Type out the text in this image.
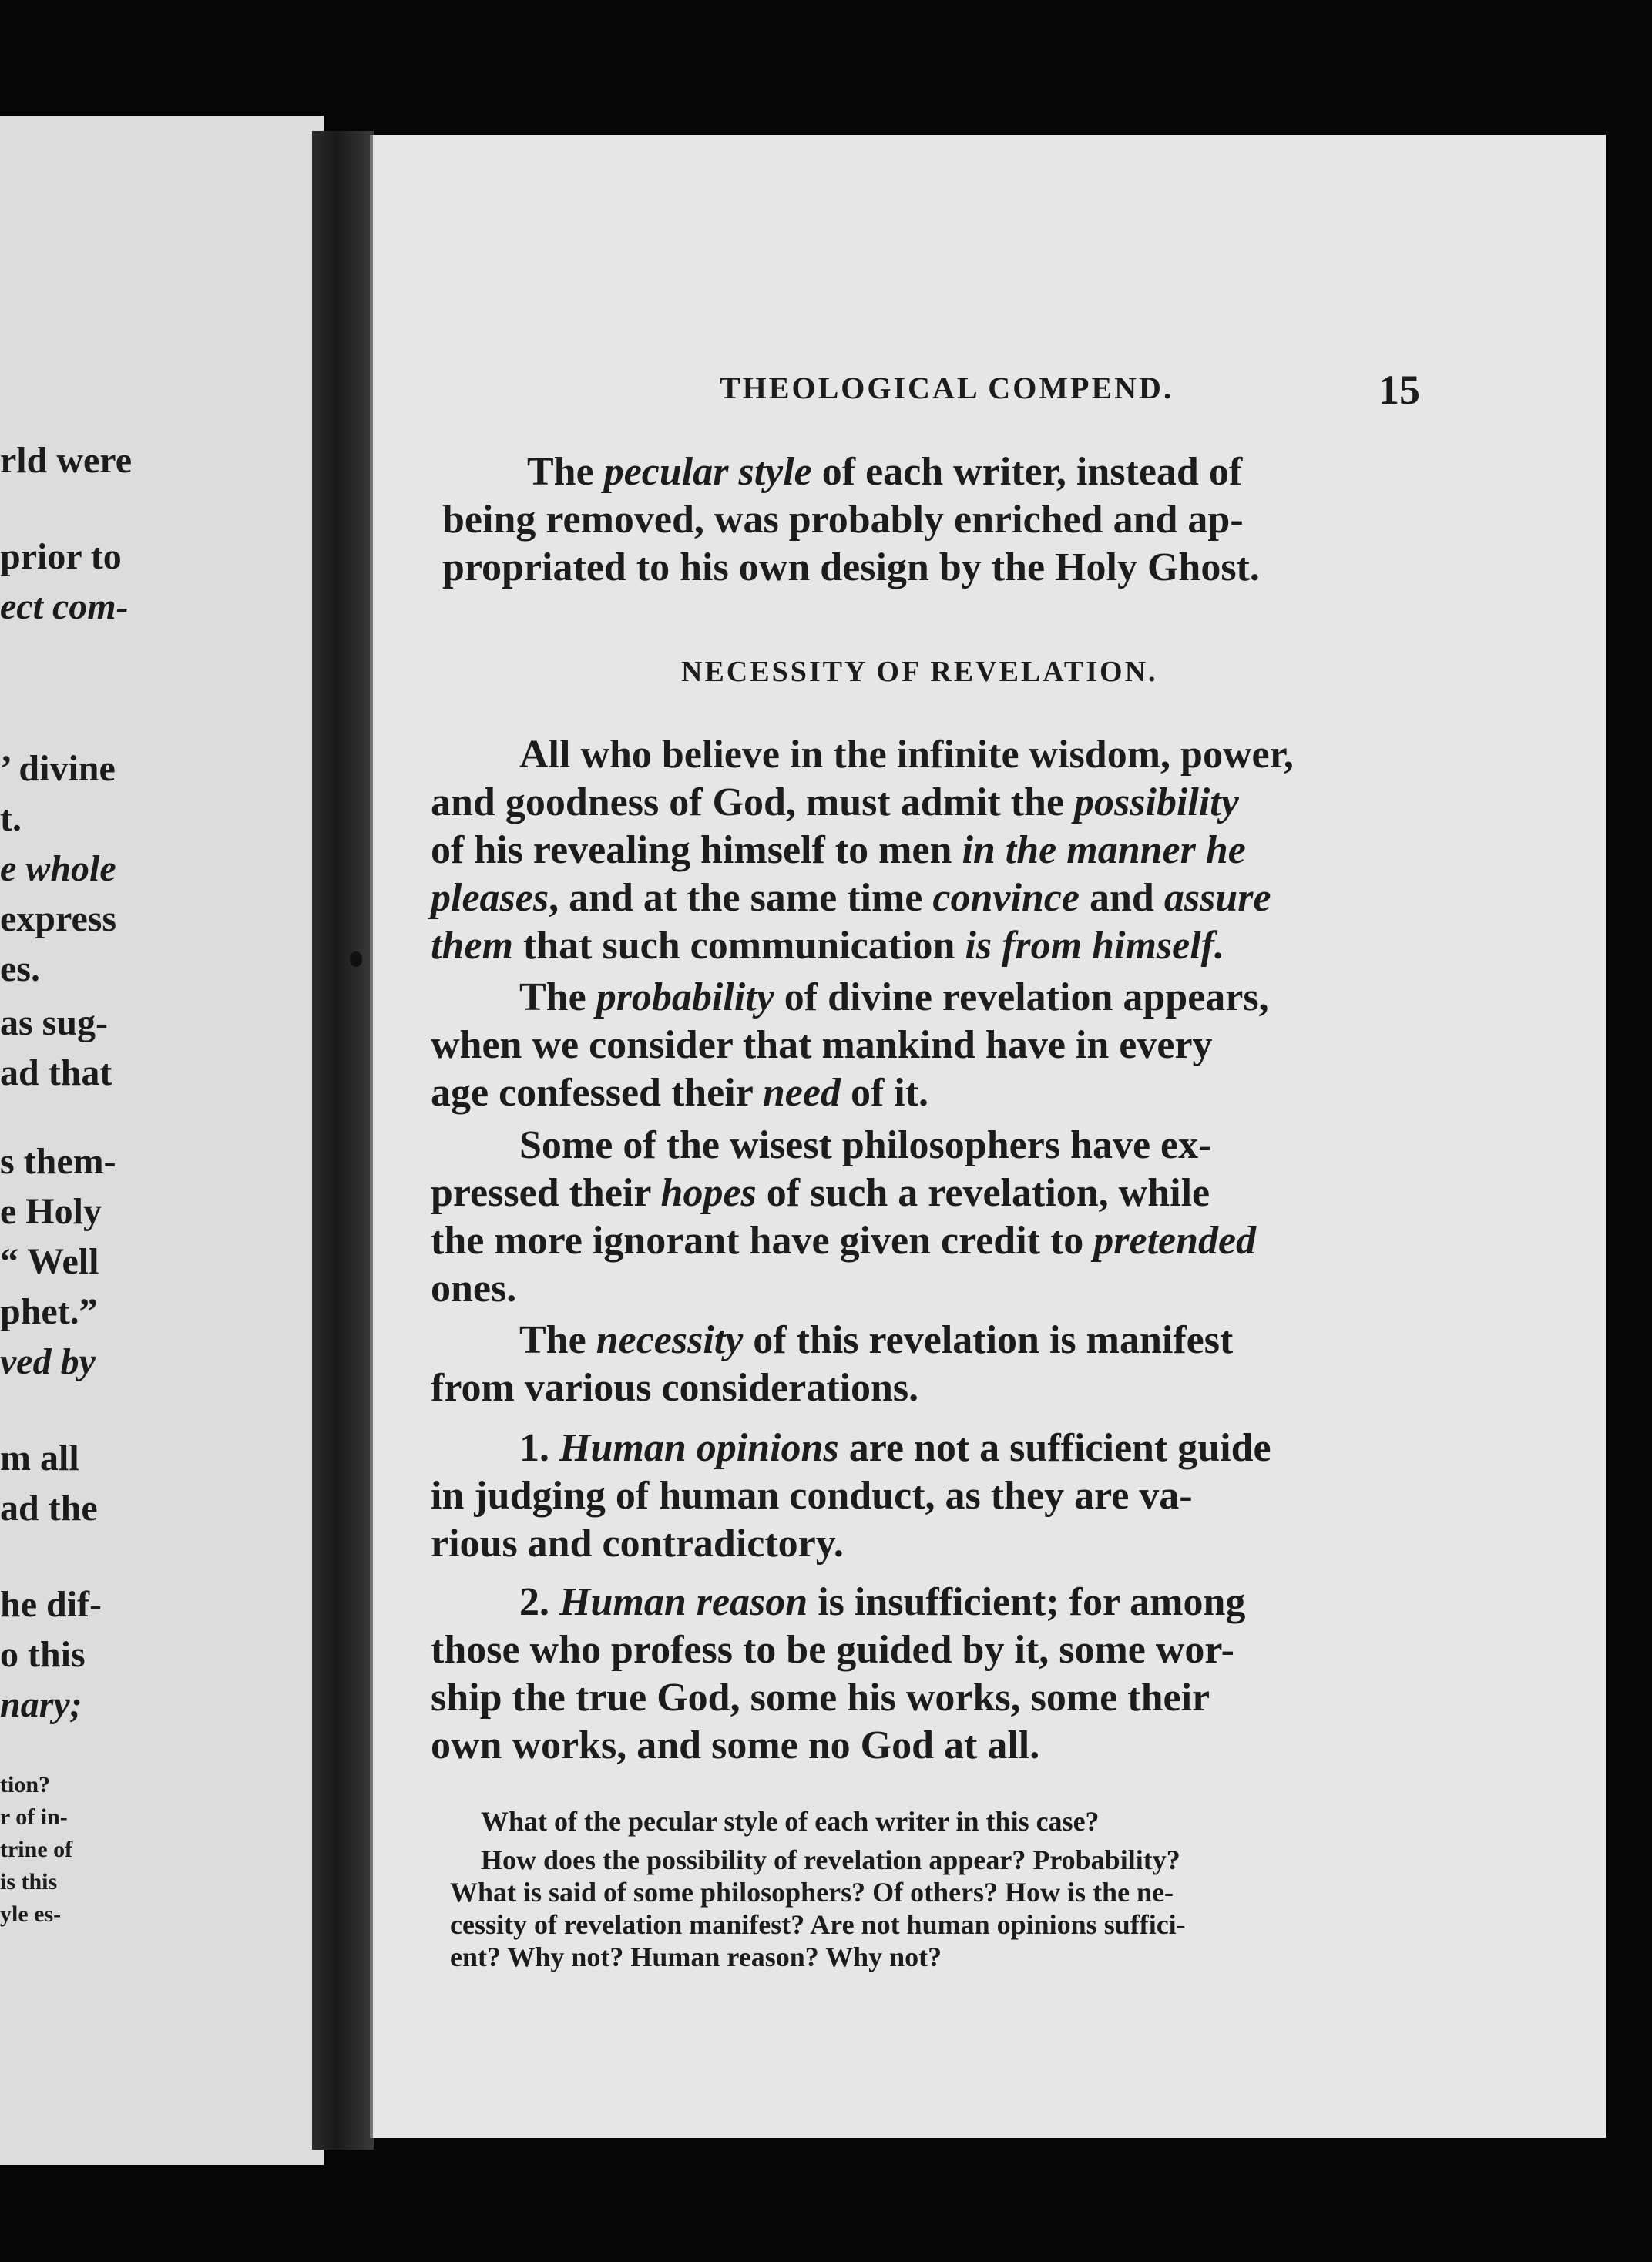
rld were
prior to
ect com-
’ divine
t.
e whole
express
es.
as sug-
ad that
s them-
e Holy
“ Well
phet.”
ved by
m all
ad the
he dif-
o this
nary;
tion?
r of in-
trine of
is this
yle es-
THEOLOGICAL COMPEND.	15
The pecular style of each writer, instead of
being removed, was probably enriched and ap-
propriated to his own design by the Holy Ghost.
NECESSITY OF REVELATION.
All who believe in the infinite wisdom, power,
and goodness of God, must admit the possibility
of his revealing himself to men in the manner he
pleases, and at the same time convince and assure
them that such communication is from himself.
The probability of divine revelation appears,
when we consider that mankind have in every
age confessed their need of it.
Some of the wisest philosophers have ex-
pressed their hopes of such a revelation, while
the more ignorant have given credit to pretended
ones.
The necessity of this revelation is manifest
from various considerations.
1. Human opinions are not a sufficient guide
in judging of human conduct, as they are va-
rious and contradictory.
2. Human reason is insufficient; for among
those who profess to be guided by it, some wor-
ship the true God, some his works, some their
own works, and some no God at all.
What of the pecular style of each writer in this case?
How does the possibility of revelation appear? Probability?
What is said of some philosophers? Of others? How is the ne-
cessity of revelation manifest? Are not human opinions suffici-
ent? Why not? Human reason? Why not?
